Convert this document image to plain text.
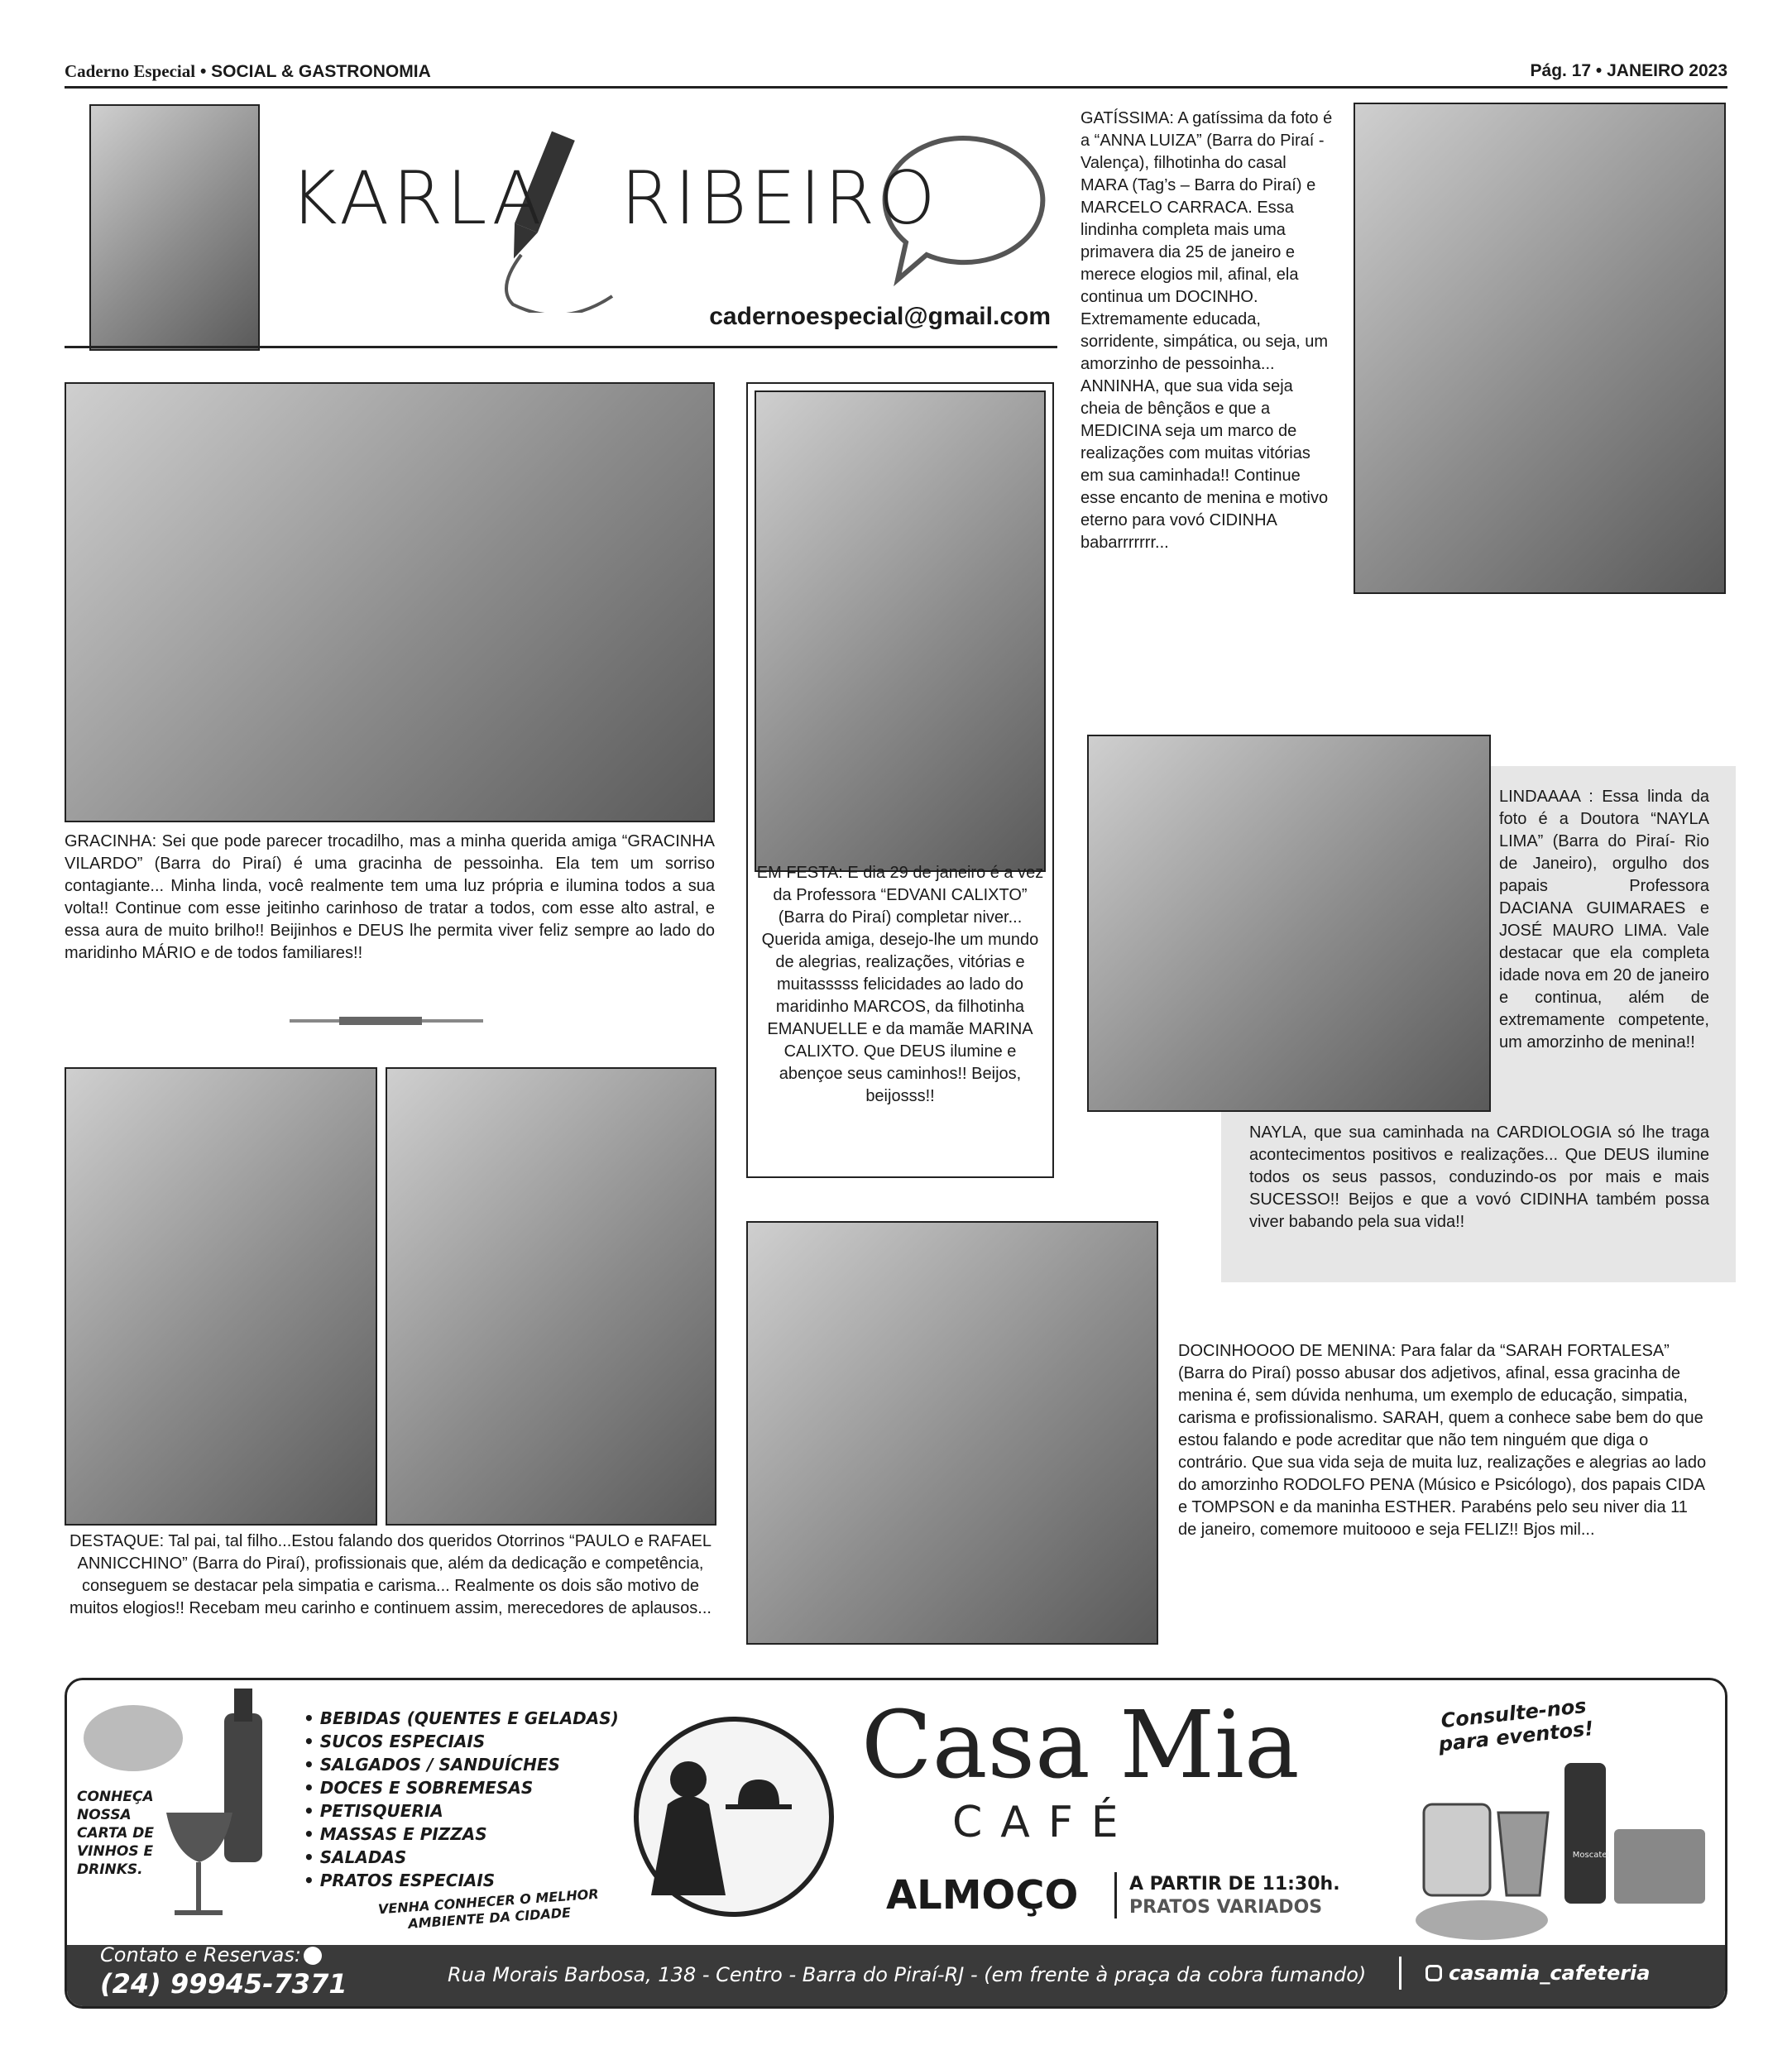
Caderno Especial • SOCIAL & GASTRONOMIA	Pág. 17 • JANEIRO 2023
KARLA RIBEIRO
cadernoespecial@gmail.com
GATÍSSIMA: A gatíssima da foto é a “ANNA LUIZA” (Barra do Piraí - Valença), filhotinha do casal MARA (Tag’s – Barra do Piraí) e MARCELO CARRACA. Essa lindinha completa mais uma primavera dia 25 de janeiro e merece elogios mil, afinal, ela continua um DOCINHO. Extremamente educada, sorridente, simpática, ou seja, um amorzinho de pessoinha... ANNINHA, que sua vida seja cheia de bênçãos e que a MEDICINA seja um marco de realizações com muitas vitórias em sua caminhada!! Continue esse encanto de menina e motivo eterno para vovó CIDINHA babarrrrrrr...
GRACINHA: Sei que pode parecer trocadilho, mas a minha querida amiga “GRACINHA VILARDO” (Barra do Piraí) é uma gracinha de pessoinha. Ela tem um sorriso contagiante... Minha linda, você realmente tem uma luz própria e ilumina todos a sua volta!! Continue com esse jeitinho carinhoso de tratar a todos, com esse alto astral, e essa aura de muito brilho!! Beijinhos e DEUS lhe permita viver feliz sempre ao lado do maridinho MÁRIO e de todos familiares!!
EM FESTA: E dia 29 de janeiro é a vez da Professora “EDVANI CALIXTO” (Barra do Piraí) completar niver... Querida amiga, desejo-lhe um mundo de alegrias, realizações, vitórias e muitasssss felicidades ao lado do maridinho MARCOS, da filhotinha EMANUELLE e da mamãe MARINA CALIXTO. Que DEUS ilumine e abençoe seus caminhos!! Beijos, beijosss!!
LINDAAAA : Essa linda da foto é a Doutora “NAYLA LIMA” (Barra do Piraí- Rio de Janeiro), orgulho dos papais Professora DACIANA GUIMARAES e JOSÉ MAURO LIMA. Vale destacar que ela completa idade nova em 20 de janeiro e continua, além de extremamente competente, um amorzinho de menina!!
NAYLA, que sua caminhada na CARDIOLOGIA só lhe traga acontecimentos positivos e realizações... Que DEUS ilumine todos os seus passos, conduzindo-os por mais e mais SUCESSO!! Beijos e que a vovó CIDINHA também possa viver babando pela sua vida!!
DESTAQUE: Tal pai, tal filho...Estou falando dos queridos Otorrinos “PAULO e RAFAEL ANNICCHINO” (Barra do Piraí), profissionais que, além da dedicação e competência, conseguem se destacar pela simpatia e carisma... Realmente os dois são motivo de muitos elogios!! Recebam meu carinho e continuem assim, merecedores de aplausos...
DOCINHOOOO DE MENINA: Para falar da “SARAH FORTALESA” (Barra do Piraí) posso abusar dos adjetivos, afinal, essa gracinha de menina é, sem dúvida nenhuma, um exemplo de educação, simpatia, carisma e profissionalismo. SARAH, quem a conhece sabe bem do que estou falando e pode acreditar que não tem ninguém que diga o contrário. Que sua vida seja de muita luz, realizações e alegrias ao lado do amorzinho RODOLFO PENA (Músico e Psicólogo), dos papais CIDA e TOMPSON e da maninha ESTHER. Parabéns pelo seu niver dia 11 de janeiro, comemore muitoooo e seja FELIZ!! Bjos mil...
CONHEÇA NOSSA CARTA DE VINHOS E DRINKS.
• BEBIDAS (QUENTES E GELADAS)
• SUCOS ESPECIAIS
• SALGADOS / SANDUÍCHES
• DOCES E SOBREMESAS
• PETISQUERIA
• MASSAS E PIZZAS
• SALADAS
• PRATOS ESPECIAIS
VENHA CONHECER O MELHOR AMBIENTE DA CIDADE
Casa Mia
CAFÉ
ALMOÇO	A PARTIR DE 11:30h.
PRATOS VARIADOS
Consulte-nos para eventos!
Moscatel
Contato e Reservas:
(24) 99945-7371	Rua Morais Barbosa, 138 - Centro - Barra do Piraí-RJ - (em frente à praça da cobra fumando)	casamia_cafeteria
